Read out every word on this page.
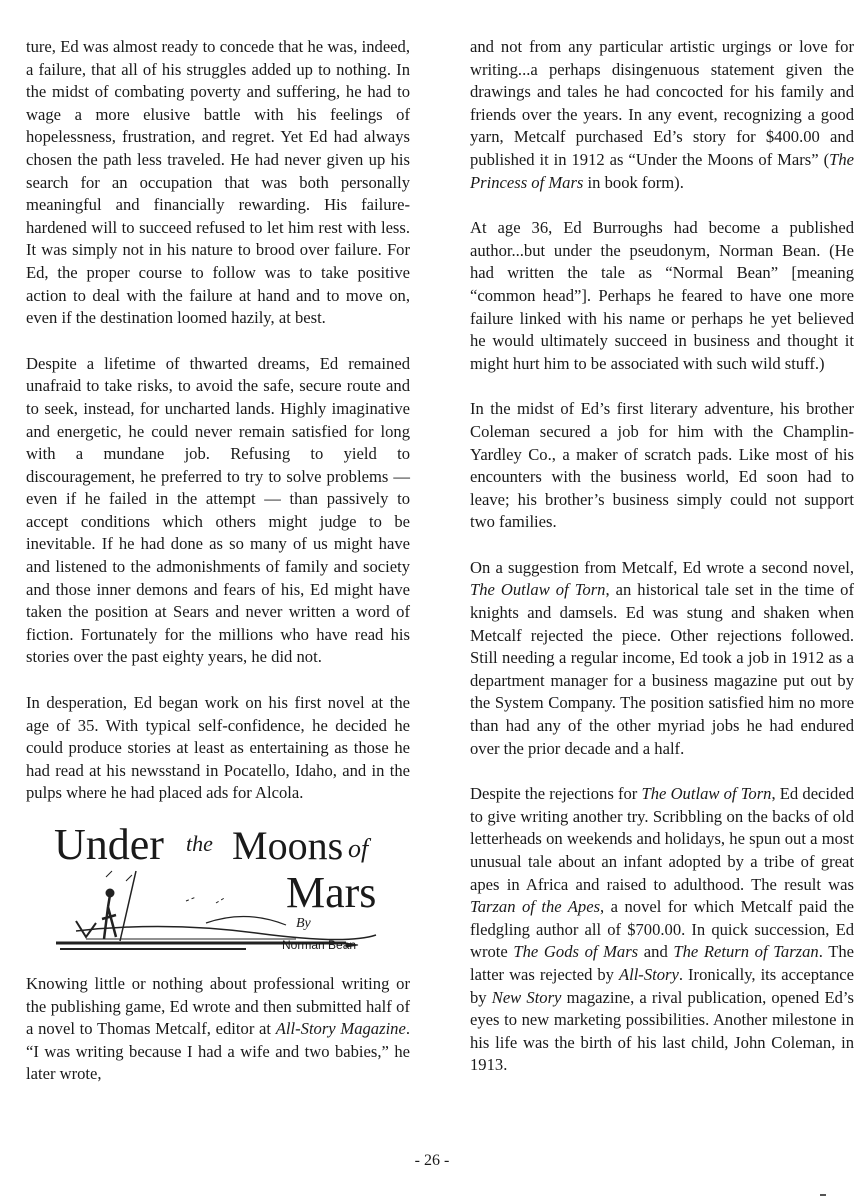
ture, Ed was almost ready to concede that he was, indeed, a failure, that all of his struggles added up to nothing. In the midst of combating poverty and suffering, he had to wage a more elusive battle with his feelings of hopelessness, frustration, and regret. Yet Ed had always chosen the path less traveled. He had never given up his search for an occupation that was both personally meaningful and financially rewarding. His failure-hardened will to succeed refused to let him rest with less. It was simply not in his nature to brood over failure. For Ed, the proper course to follow was to take positive action to deal with the failure at hand and to move on, even if the destination loomed hazily, at best.

Despite a lifetime of thwarted dreams, Ed remained unafraid to take risks, to avoid the safe, secure route and to seek, instead, for uncharted lands. Highly imaginative and energetic, he could never remain satisfied for long with a mundane job. Refusing to yield to discouragement, he preferred to try to solve problems — even if he failed in the attempt — than passively to accept conditions which others might judge to be inevitable. If he had done as so many of us might have and listened to the admonishments of family and society and those inner demons and fears of his, Ed might have taken the position at Sears and never written a word of fiction. Fortunately for the millions who have read his stories over the past eighty years, he did not.

In desperation, Ed began work on his first novel at the age of 35. With typical self-confidence, he decided he could produce stories at least as entertaining as those he had read at his newsstand in Pocatello, Idaho, and in the pulps where he had placed ads for Alcola.

Under the Moons of
Mars
By
Norman Bean

Knowing little or nothing about professional writing or the publishing game, Ed wrote and then submitted half of a novel to Thomas Metcalf, editor at All-Story Magazine. “I was writing because I had a wife and two babies,” he later wrote,

and not from any particular artistic urgings or love for writing...a perhaps disingenuous statement given the drawings and tales he had concocted for his family and friends over the years. In any event, recognizing a good yarn, Metcalf purchased Ed’s story for $400.00 and published it in 1912 as “Under the Moons of Mars” (The Princess of Mars in book form).

At age 36, Ed Burroughs had become a published author...but under the pseudonym, Norman Bean. (He had written the tale as “Normal Bean” [meaning “common head”]. Perhaps he feared to have one more failure linked with his name or perhaps he yet believed he would ultimately succeed in business and thought it might hurt him to be associated with such wild stuff.)

In the midst of Ed’s first literary adventure, his brother Coleman secured a job for him with the Champlin-Yardley Co., a maker of scratch pads. Like most of his encounters with the business world, Ed soon had to leave; his brother’s business simply could not support two families.

On a suggestion from Metcalf, Ed wrote a second novel, The Outlaw of Torn, an historical tale set in the time of knights and damsels. Ed was stung and shaken when Metcalf rejected the piece. Other rejections followed. Still needing a regular income, Ed took a job in 1912 as a department manager for a business magazine put out by the System Company. The position satisfied him no more than had any of the other myriad jobs he had endured over the prior decade and a half.

Despite the rejections for The Outlaw of Torn, Ed decided to give writing another try. Scribbling on the backs of old letterheads on weekends and holidays, he spun out a most unusual tale about an infant adopted by a tribe of great apes in Africa and raised to adulthood. The result was Tarzan of the Apes, a novel for which Metcalf paid the fledgling author all of $700.00. In quick succession, Ed wrote The Gods of Mars and The Return of Tarzan. The latter was rejected by All-Story. Ironically, its acceptance by New Story magazine, a rival publication, opened Ed’s eyes to new marketing possibilities. Another milestone in his life was the birth of his last child, John Coleman, in 1913.

- 26 -
